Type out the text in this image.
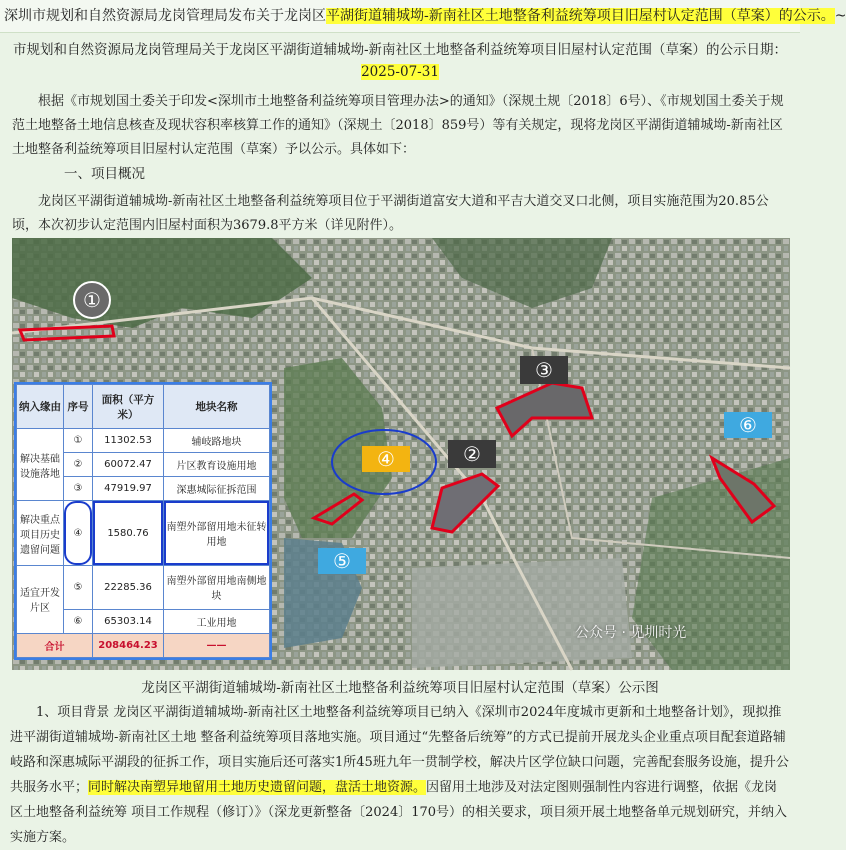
深圳市规划和自然资源局龙岗管理局发布关于龙岗区平湖街道辅城坳-新南社区土地整备利益统筹项目旧屋村认定范围（草案）的公示。~
市规划和自然资源局龙岗管理局关于龙岗区平湖街道辅城坳-新南社区土地整备利益统筹项目旧屋村认定范围（草案）的公示日期：
2025-07-31
根据《市规划国土委关于印发<深圳市土地整备利益统筹项目管理办法>的通知》（深规土规〔2018〕6号）、《市规划国土委关于规范土地整备土地信息核查及现状容积率核算工作的通知》（深规土〔2018〕859号）等有关规定，现将龙岗区平湖街道辅城坳-新南社区土地整备利益统筹项目旧屋村认定范围（草案）予以公示。具体如下：
一、项目概况
龙岗区平湖街道辅城坳-新南社区土地整备利益统筹项目位于平湖街道富安大道和平吉大道交叉口北侧，项目实施范围为20.85公顷，本次初步认定范围内旧屋村面积为3679.8平方米（详见附件）。
①
②
③
④
⑤
⑥
公众号 · 见圳时光
纳入缘由	序号	面积（平方米）	地块名称
解决基础设施落地	①	11302.53	辅岐路地块
	②	60072.47	片区教育设施用地
	③	47919.97	深惠城际征拆范围
解决重点项目历史遗留问题	④	1580.76	南塑外部留用地未征转用地
适宜开发片区	⑤	22285.36	南塑外部留用地南侧地块
	⑥	65303.14	工业用地
合计		208464.23	——
龙岗区平湖街道辅城坳-新南社区土地整备利益统筹项目旧屋村认定范围（草案）公示图
1、项目背景 龙岗区平湖街道辅城坳-新南社区土地整备利益统筹项目已纳入《深圳市2024年度城市更新和土地整备计划》，现拟推进平湖街道辅城坳-新南社区土地 整备利益统筹项目落地实施。项目通过“先整备后统筹”的方式已提前开展龙头企业重点项目配套道路辅岐路和深惠城际平湖段的征拆工作，项目实施后还可落实1所45班九年一贯制学校，解决片区学位缺口问题，完善配套服务设施，提升公共服务水平；同时解决南塑异地留用土地历史遗留问题，盘活土地资源。因留用土地涉及对法定图则强制性内容进行调整，依据《龙岗区土地整备利益统筹 项目工作规程（修订）》（深龙更新整备〔2024〕170号）的相关要求，项目须开展土地整备单元规划研究，并纳入实施方案。
